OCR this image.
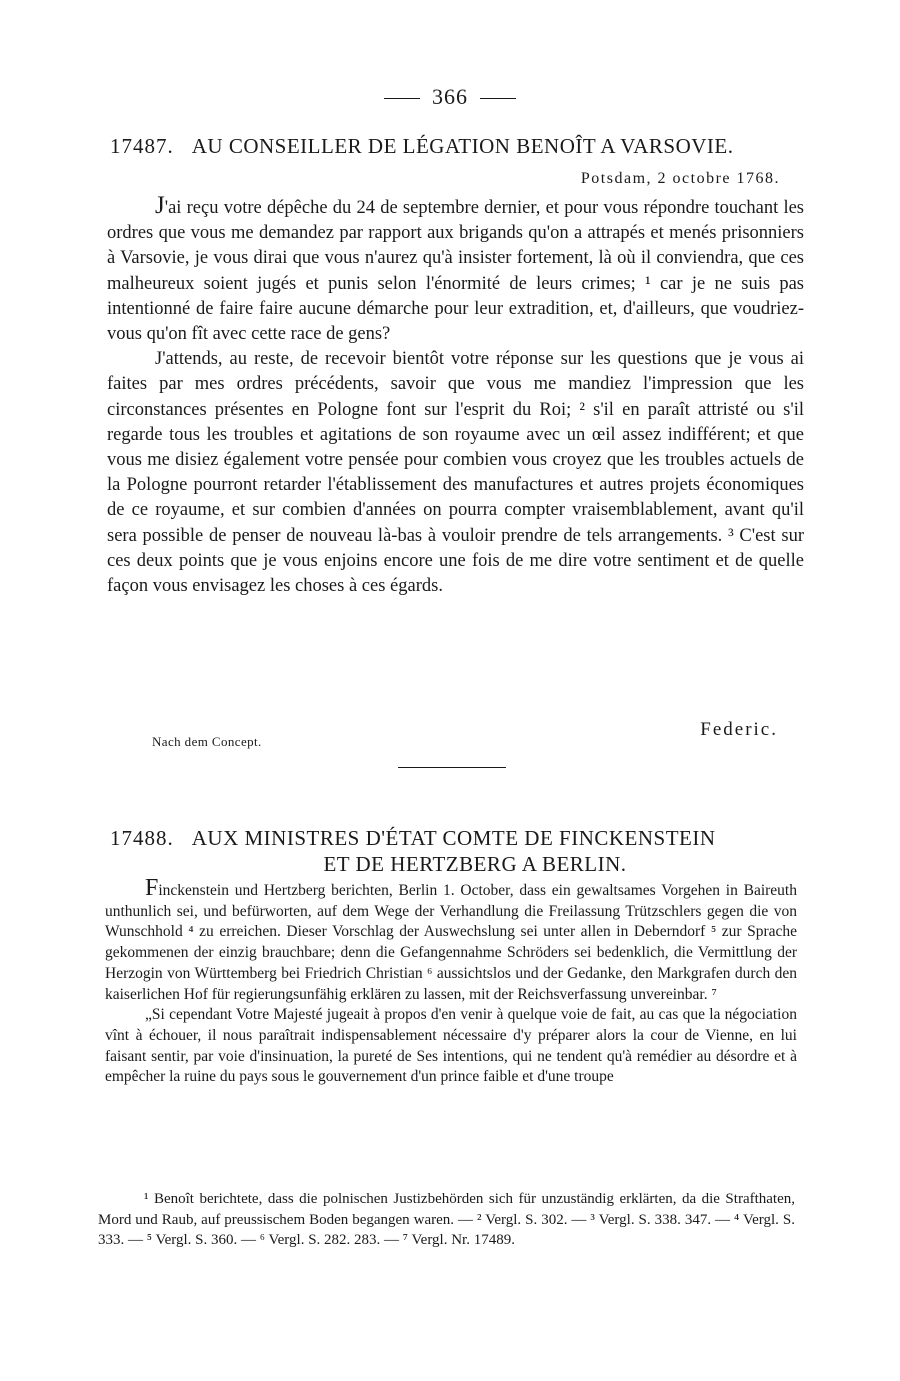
366
17487. AU CONSEILLER DE LÉGATION BENOÎT A VARSOVIE.
Potsdam, 2 octobre 1768.

J'ai reçu votre dépêche du 24 de septembre dernier, et pour vous répondre touchant les ordres que vous me demandez par rapport aux brigands qu'on a attrapés et menés prisonniers à Varsovie, je vous dirai que vous n'aurez qu'à insister fortement, là où il conviendra, que ces malheureux soient jugés et punis selon l'énormité de leurs crimes; ¹ car je ne suis pas intentionné de faire faire aucune démarche pour leur extradition, et, d'ailleurs, que voudriez-vous qu'on fît avec cette race de gens?

J'attends, au reste, de recevoir bientôt votre réponse sur les questions que je vous ai faites par mes ordres précédents, savoir que vous me mandiez l'impression que les circonstances présentes en Pologne font sur l'esprit du Roi; ² s'il en paraît attristé ou s'il regarde tous les troubles et agitations de son royaume avec un œil assez indifférent; et que vous me disiez également votre pensée pour combien vous croyez que les troubles actuels de la Pologne pourront retarder l'établissement des manufactures et autres projets économiques de ce royaume, et sur combien d'années on pourra compter vraisemblablement, avant qu'il sera possible de penser de nouveau là-bas à vouloir prendre de tels arrangements. ³ C'est sur ces deux points que je vous enjoins encore une fois de me dire votre sentiment et de quelle façon vous envisagez les choses à ces égards.

Federic.
Nach dem Concept.
17488. AUX MINISTRES D'ÉTAT COMTE DE FINCKENSTEIN
ET DE HERTZBERG A BERLIN.

Finckenstein und Hertzberg berichten, Berlin 1. October, dass ein gewaltsames Vorgehen in Baireuth unthunlich sei, und befürworten, auf dem Wege der Verhandlung die Freilassung Trützschlers gegen die von Wunschhold ⁴ zu erreichen. Dieser Vorschlag der Auswechslung sei unter allen in Deberndorf ⁵ zur Sprache gekommenen der einzig brauchbare; denn die Gefangennahme Schröders sei bedenklich, die Vermittlung der Herzogin von Württemberg bei Friedrich Christian ⁶ aussichtslos und der Gedanke, den Markgrafen durch den kaiserlichen Hof für regierungsunfähig erklären zu lassen, mit der Reichsverfassung unvereinbar. ⁷

„Si cependant Votre Majesté jugeait à propos d'en venir à quelque voie de fait, au cas que la négociation vînt à échouer, il nous paraîtrait indispensablement nécessaire d'y préparer alors la cour de Vienne, en lui faisant sentir, par voie d'insinuation, la pureté de Ses intentions, qui ne tendent qu'à remédier au désordre et à empêcher la ruine du pays sous le gouvernement d'un prince faible et d'une troupe

¹ Benoît berichtete, dass die polnischen Justizbehörden sich für unzuständig erklärten, da die Strafthaten, Mord und Raub, auf preussischem Boden begangen waren. — ² Vergl. S. 302. — ³ Vergl. S. 338. 347. — ⁴ Vergl. S. 333. — ⁵ Vergl. S. 360. — ⁶ Vergl. S. 282. 283. — ⁷ Vergl. Nr. 17489.
